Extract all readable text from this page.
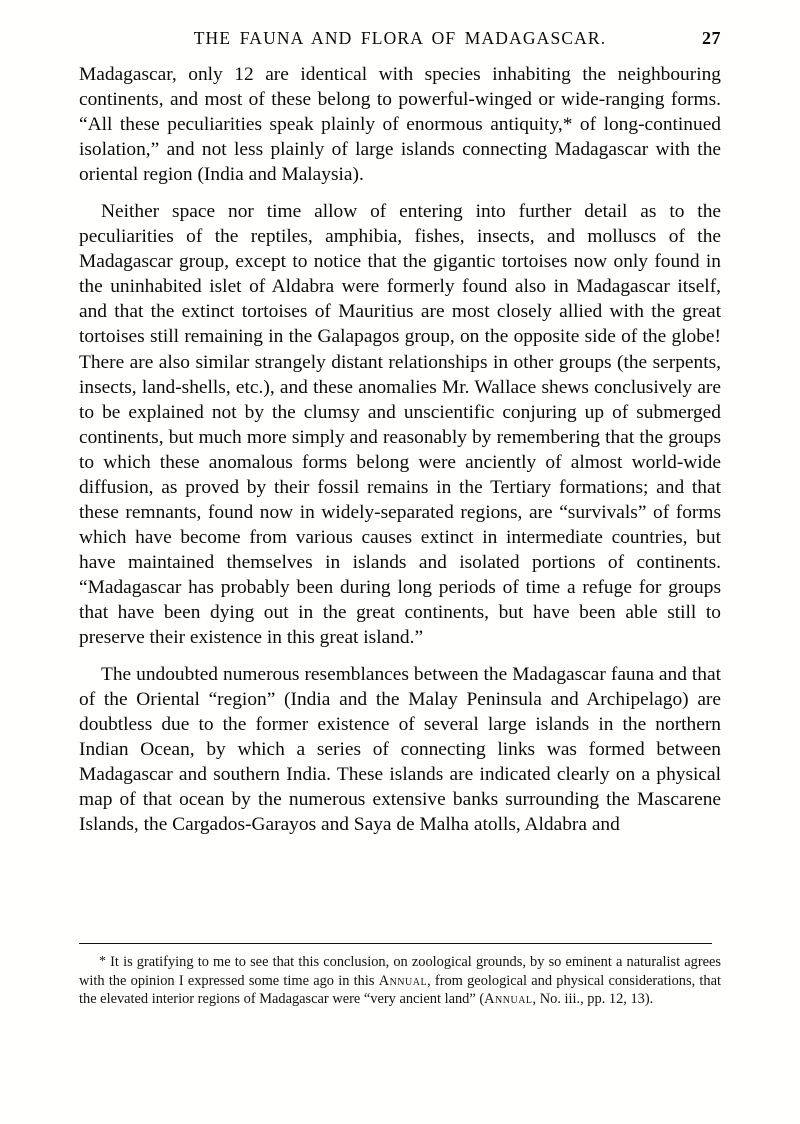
THE FAUNA AND FLORA OF MADAGASCAR.	27

Madagascar, only 12 are identical with species inhabiting the neighbouring continents, and most of these belong to powerful-winged or wide-ranging forms. “All these peculiarities speak plainly of enormous antiquity,* of long-continued isolation,” and not less plainly of large islands connecting Madagascar with the oriental region (India and Malaysia).

Neither space nor time allow of entering into further detail as to the peculiarities of the reptiles, amphibia, fishes, insects, and molluscs of the Madagascar group, except to notice that the gigantic tortoises now only found in the uninhabited islet of Aldabra were formerly found also in Madagascar itself, and that the extinct tortoises of Mauritius are most closely allied with the great tortoises still remaining in the Galapagos group, on the opposite side of the globe! There are also similar strangely distant relationships in other groups (the serpents, insects, land-shells, etc.), and these anomalies Mr. Wallace shews conclusively are to be explained not by the clumsy and unscientific conjuring up of submerged continents, but much more simply and reasonably by remembering that the groups to which these anomalous forms belong were anciently of almost world-wide diffusion, as proved by their fossil remains in the Tertiary formations; and that these remnants, found now in widely-separated regions, are “survivals” of forms which have become from various causes extinct in intermediate countries, but have maintained themselves in islands and isolated portions of continents. “Madagascar has probably been during long periods of time a refuge for groups that have been dying out in the great continents, but have been able still to preserve their existence in this great island.”

The undoubted numerous resemblances between the Madagascar fauna and that of the Oriental “region” (India and the Malay Peninsula and Archipelago) are doubtless due to the former existence of several large islands in the northern Indian Ocean, by which a series of connecting links was formed between Madagascar and southern India. These islands are indicated clearly on a physical map of that ocean by the numerous extensive banks surrounding the Mascarene Islands, the Cargados-Garayos and Saya de Malha atolls, Aldabra and

* It is gratifying to me to see that this conclusion, on zoological grounds, by so eminent a naturalist agrees with the opinion I expressed some time ago in this Annual, from geological and physical considerations, that the elevated interior regions of Madagascar were “very ancient land” (Annual, No. iii., pp. 12, 13).
